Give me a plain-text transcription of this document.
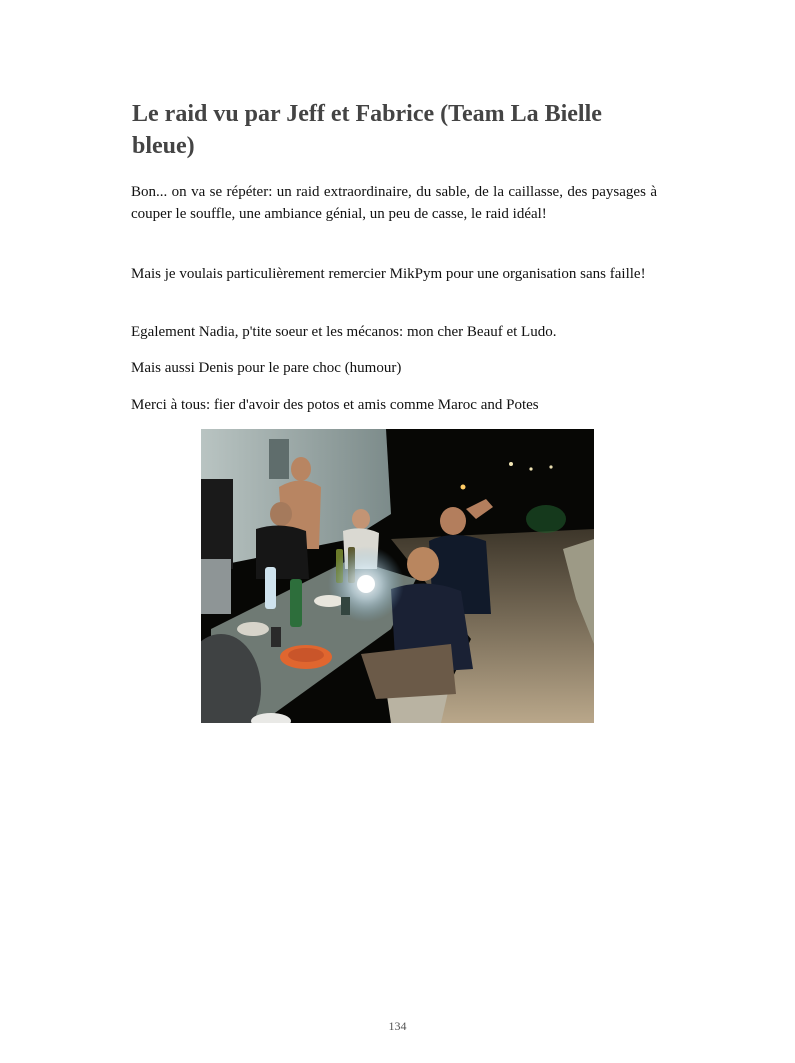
Le raid vu par Jeff et Fabrice (Team La Bielle bleue)

Bon... on va se répéter: un raid extraordinaire, du sable, de la caillasse, des paysages à couper le souffle, une ambiance génial, un peu de casse, le raid idéal!

Mais je voulais particulièrement remercier MikPym pour une organisation sans faille!

Egalement Nadia, p'tite soeur et les mécanos: mon cher Beauf et Ludo.

Mais aussi Denis pour le pare choc (humour)

Merci à tous: fier d'avoir des potos et amis comme Maroc and Potes

134
